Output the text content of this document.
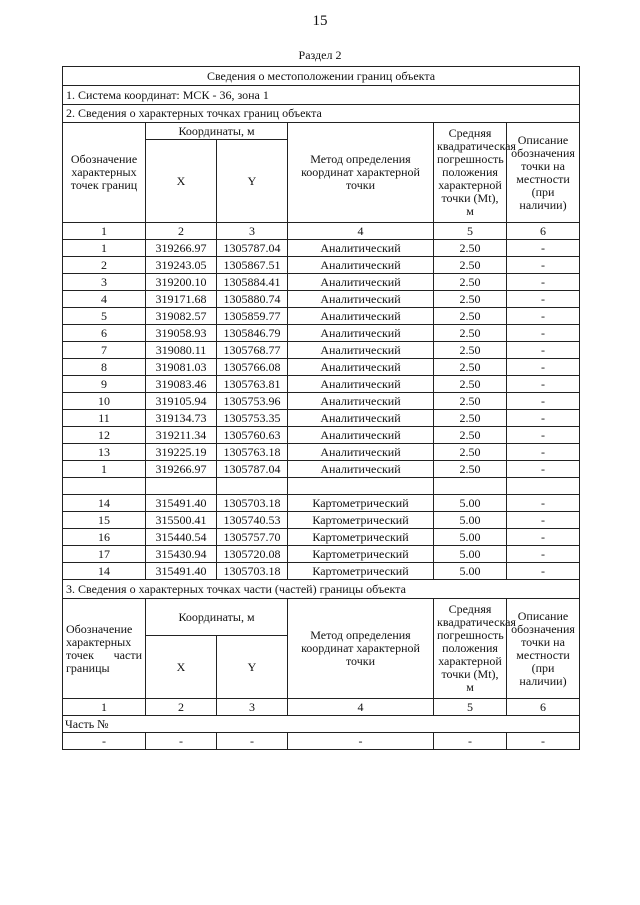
15
Раздел 2
Сведения о местоположении границ объекта					
1. Система координат: МСК - 36, зона 1					
2. Сведения о характерных точках границ объекта					
Обозначение характерных точек границ	Координаты, м		Метод определения координат характерной точки	Средняя квадратическая погрешность положения характерной точки (Mt), м	Описание обозначения точки на местности (при наличии)
	X	Y			
1	2	3	4	5	6
1	319266.97	1305787.04	Аналитический	2.50	-
2	319243.05	1305867.51	Аналитический	2.50	-
3	319200.10	1305884.41	Аналитический	2.50	-
4	319171.68	1305880.74	Аналитический	2.50	-
5	319082.57	1305859.77	Аналитический	2.50	-
6	319058.93	1305846.79	Аналитический	2.50	-
7	319080.11	1305768.77	Аналитический	2.50	-
8	319081.03	1305766.08	Аналитический	2.50	-
9	319083.46	1305763.81	Аналитический	2.50	-
10	319105.94	1305753.96	Аналитический	2.50	-
11	319134.73	1305753.35	Аналитический	2.50	-
12	319211.34	1305760.63	Аналитический	2.50	-
13	319225.19	1305763.18	Аналитический	2.50	-
1	319266.97	1305787.04	Аналитический	2.50	-

14	315491.40	1305703.18	Картометрический	5.00	-
15	315500.41	1305740.53	Картометрический	5.00	-
16	315440.54	1305757.70	Картометрический	5.00	-
17	315430.94	1305720.08	Картометрический	5.00	-
14	315491.40	1305703.18	Картометрический	5.00	-
3. Сведения о характерных точках части (частей) границы объекта					
Обозначение характерных точек части границы	Координаты, м		Метод определения координат характерной точки	Средняя квадратическая погрешность положения характерной точки (Mt), м	Описание обозначения точки на местности (при наличии)
	X	Y			
1	2	3	4	5	6
Часть №					
-	-	-	-	-	-
